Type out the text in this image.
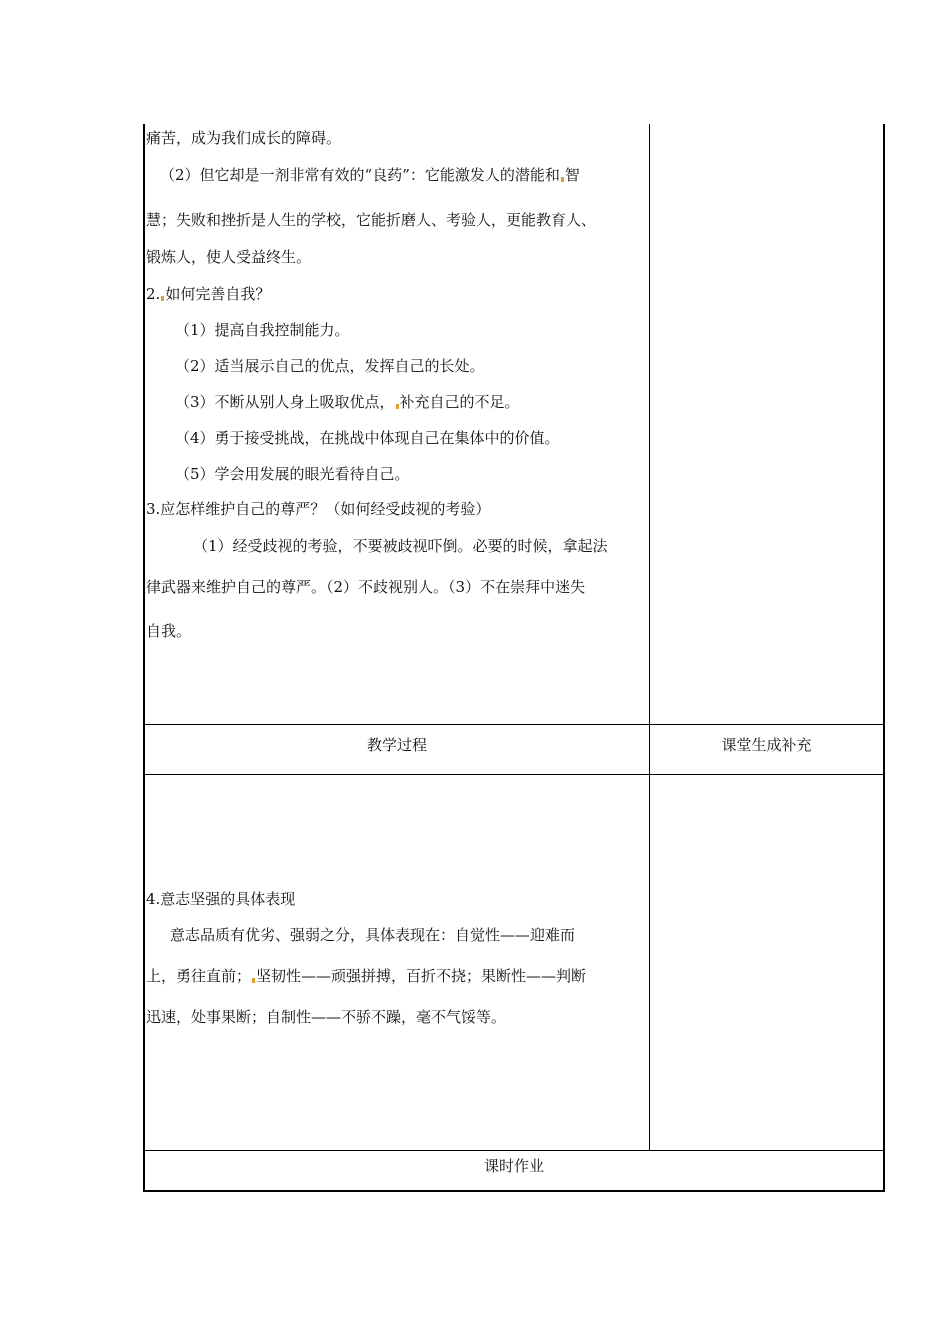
痛苦，成为我们成长的障碍。
（2）但它却是一剂非常有效的“良药”：它能激发人的潜能和 智
慧；失败和挫折是人生的学校，它能折磨人、考验人，更能教育人、
锻炼人，使人受益终生。
2. 如何完善自我？
（1）提高自我控制能力。
（2）适当展示自己的优点，发挥自己的长处。
（3）不断从别人身上吸取优点， 补充自己的不足。
（4）勇于接受挑战，在挑战中体现自己在集体中的价值。
（5）学会用发展的眼光看待自己。
3.应怎样维护自己的尊严？（如何经受歧视的考验）
（1）经受歧视的考验，不要被歧视吓倒。必要的时候，拿起法
律武器来维护自己的尊严。（2）不歧视别人。（3）不在崇拜中迷失
自我。
教学过程	课堂生成补充
4.意志坚强的具体表现
意志品质有优劣、强弱之分，具体表现在：自觉性——迎难而
上，勇往直前； 坚韧性——顽强拼搏，百折不挠；果断性——判断
迅速，处事果断；自制性——不骄不躁，毫不气馁等。
课时作业
